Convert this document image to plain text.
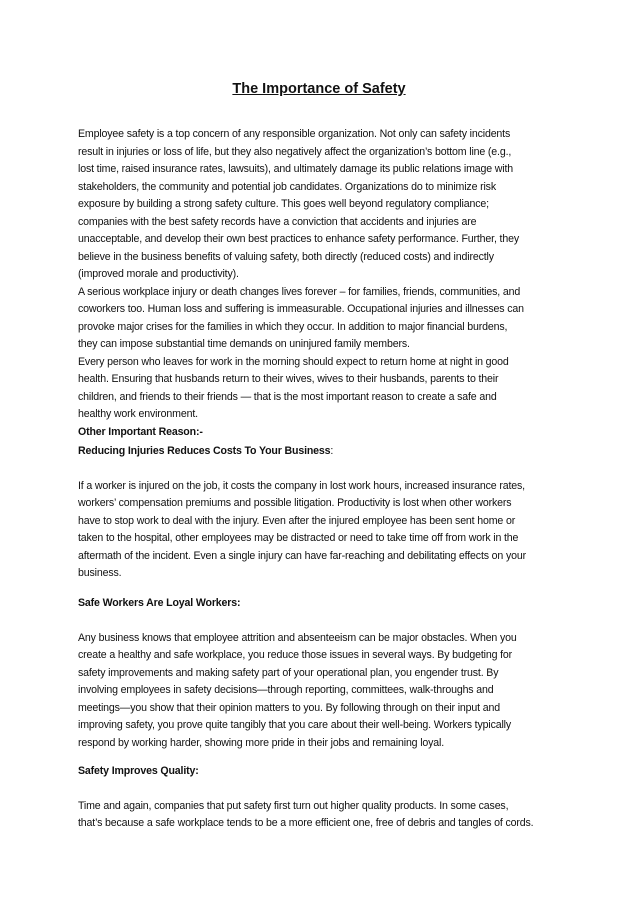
The Importance of Safety
Employee safety is a top concern of any responsible organization. Not only can safety incidents
result in injuries or loss of life, but they also negatively affect the organization’s bottom line (e.g.,
lost time, raised insurance rates, lawsuits), and ultimately damage its public relations image with
stakeholders, the community and potential job candidates. Organizations do to minimize risk
exposure by building a strong safety culture. This goes well beyond regulatory compliance;
companies with the best safety records have a conviction that accidents and injuries are
unacceptable, and develop their own best practices to enhance safety performance. Further, they
believe in the business benefits of valuing safety, both directly (reduced costs) and indirectly
(improved morale and productivity).
A serious workplace injury or death changes lives forever – for families, friends, communities, and
coworkers too. Human loss and suffering is immeasurable. Occupational injuries and illnesses can
provoke major crises for the families in which they occur. In addition to major financial burdens,
they can impose substantial time demands on uninjured family members.
Every person who leaves for work in the morning should expect to return home at night in good
health. Ensuring that husbands return to their wives, wives to their husbands, parents to their
children, and friends to their friends — that is the most important reason to create a safe and
healthy work environment.
Other Important Reason:-
Reducing Injuries Reduces Costs To Your Business:
If a worker is injured on the job, it costs the company in lost work hours, increased insurance rates,
workers’ compensation premiums and possible litigation. Productivity is lost when other workers
have to stop work to deal with the injury. Even after the injured employee has been sent home or
taken to the hospital, other employees may be distracted or need to take time off from work in the
aftermath of the incident. Even a single injury can have far-reaching and debilitating effects on your
business.
Safe Workers Are Loyal Workers:
Any business knows that employee attrition and absenteeism can be major obstacles. When you
create a healthy and safe workplace, you reduce those issues in several ways. By budgeting for
safety improvements and making safety part of your operational plan, you engender trust. By
involving employees in safety decisions—through reporting, committees, walk-throughs and
meetings—you show that their opinion matters to you. By following through on their input and
improving safety, you prove quite tangibly that you care about their well-being. Workers typically
respond by working harder, showing more pride in their jobs and remaining loyal.
Safety Improves Quality:
Time and again, companies that put safety first turn out higher quality products. In some cases,
that’s because a safe workplace tends to be a more efficient one, free of debris and tangles of cords.
